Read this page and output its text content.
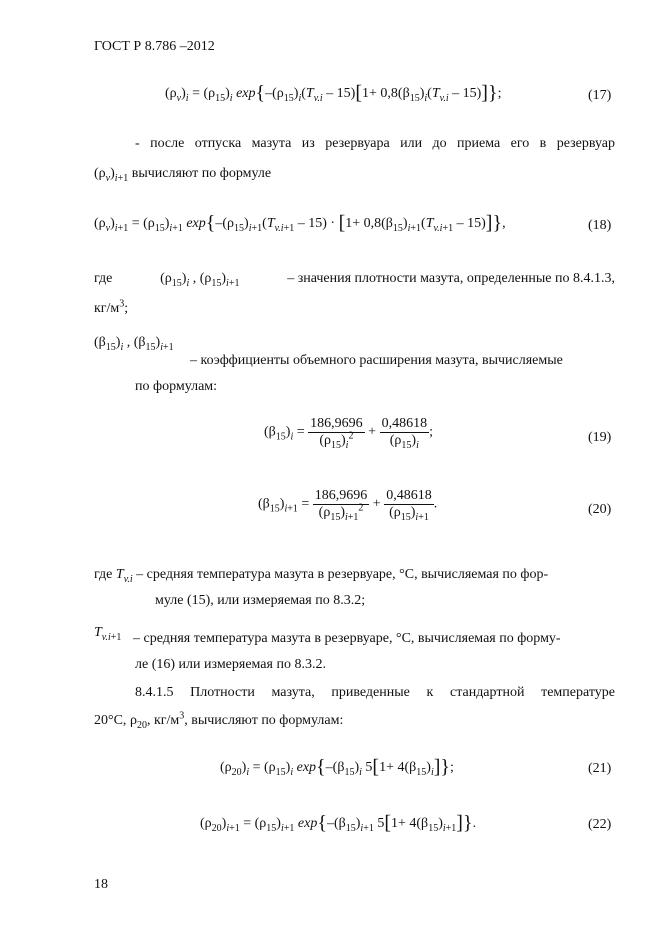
ГОСТ Р 8.786 –2012
$(\rho_v)_i = (\rho_{15})_i$ $\exp\{-(\rho_{15})_i(T_{v.i} - 15)[1+ 0,8(\beta_{15})_i(T_{v.i} - 15)]\}$;	(17)
- после отпуска мазута из резервуара или до приема его в резервуар
$(\rho_v)_{i+1}$ вычисляют по формуле
$(\rho_v)_{i+1} = (\rho_{15})_{i+1}$ $\exp\{-(\rho_{15})_{i+1}(T_{v.i+1} - 15) \cdot [1+ 0,8(\beta_{15})_{i+1}(T_{v.i+1} - 15)]\}$,	(18)
где	$(\rho_{15})_i$ , $(\rho_{15})_{i+1}$	– значения плотности мазута, определенные по 8.4.1.3,
$кг/м^3$;
$(\beta_{15})_i$ , $(\beta_{15})_{i+1}$
– коэффициенты объемного расширения мазута, вычисляемые
по формулам:
$(\beta_{15})_i = \frac{186,9696}{(\rho_{15})_i^2} + \frac{0,48618}{(\rho_{15})_i}$ ;	(19)
$(\beta_{15})_{i+1} = \frac{186,9696}{(\rho_{15})_{i+1}^2} + \frac{0,48618}{(\rho_{15})_{i+1}}$ .	(20)
где $T_{v.i}$ – средняя температура мазута в резервуаре, °С, вычисляемая по фор-
муле (15), или измеряемая по 8.3.2;
$T_{v.i+1}$ – средняя температура мазута в резервуаре, °С, вычисляемая по форму-
ле (16) или измеряемая по 8.3.2.
8.4.1.5 Плотности мазута, приведенные к стандартной температуре
20°С, $\rho_{20}$, $кг/м^3$, вычисляют по формулам:
$(\rho_{20})_i = (\rho_{15})_i$ $\exp\{-(\beta_{15})_i$ $5[1+ 4(\beta_{15})_i]$};	(21)
$(\rho_{20})_{i+1} = (\rho_{15})_{i+1}$ $\exp\{-(\beta_{15})_{i+1}$ $5[1+ 4(\beta_{15})_{i+1}]$}.	(22)
18
